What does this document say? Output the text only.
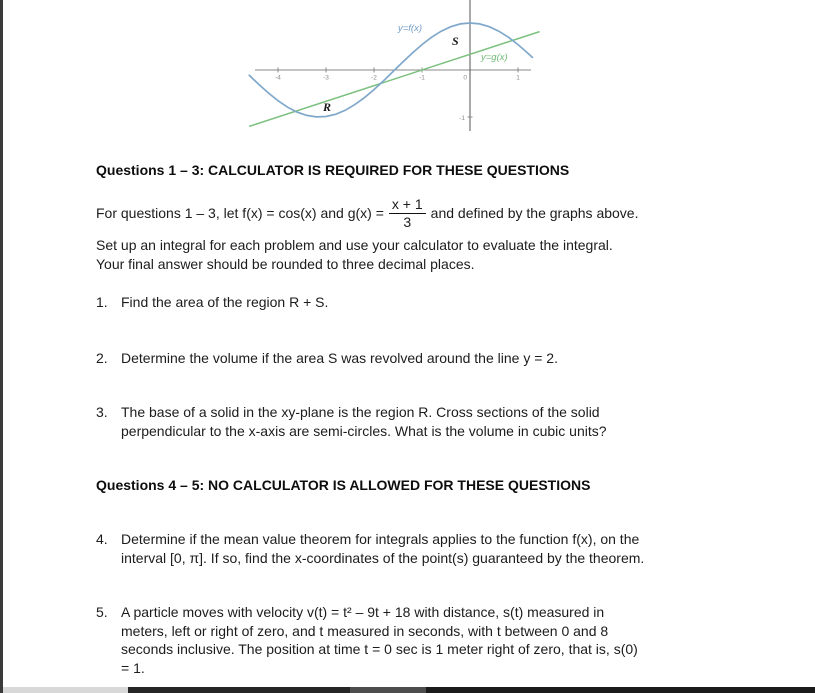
-4	-3	-2	-1	0	1
-1
y=f(x)
y=g(x)
S
R
Questions 1 – 3: CALCULATOR IS REQUIRED FOR THESE QUESTIONS
For questions 1 – 3, let f(x) = cos(x) and $g(x) = \frac{x + 1}{3}$ and defined by the graphs above.
Set up an integral for each problem and use your calculator to evaluate the integral.
Your final answer should be rounded to three decimal places.
1. Find the area of the region R + S.
2. Determine the volume if the area S was revolved around the line y = 2.
3. The base of a solid in the xy-plane is the region R. Cross sections of the solid
perpendicular to the x-axis are semi-circles. What is the volume in cubic units?
Questions 4 – 5: NO CALCULATOR IS ALLOWED FOR THESE QUESTIONS
4. Determine if the mean value theorem for integrals applies to the function f(x), on the
interval [0, π]. If so, find the x-coordinates of the point(s) guaranteed by the theorem.
5. A particle moves with velocity v(t) = t² – 9t + 18 with distance, s(t) measured in
meters, left or right of zero, and t measured in seconds, with t between 0 and 8
seconds inclusive. The position at time t = 0 sec is 1 meter right of zero, that is, s(0)
= 1.
